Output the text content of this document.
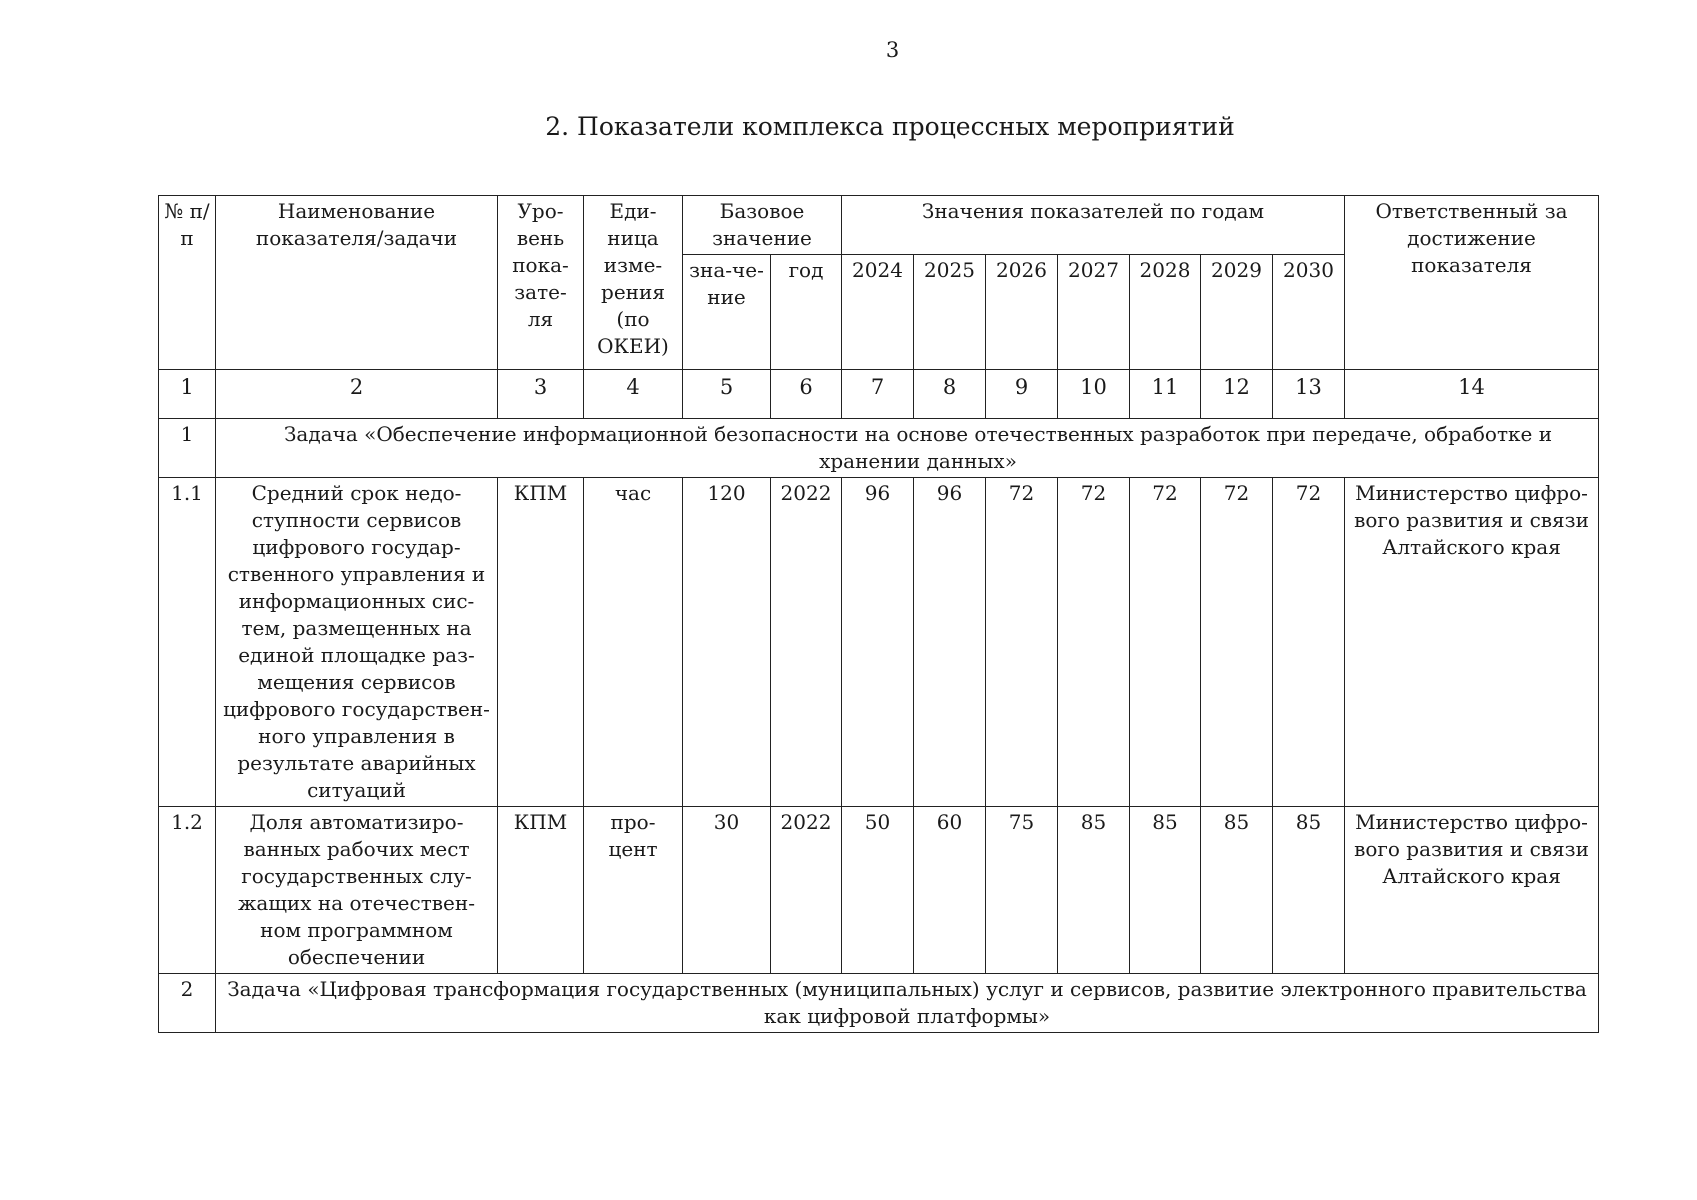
3
2. Показатели комплекса процессных мероприятий
№ п/п	Наименование показателя/задачи	Уро-вень пока-зате-ля	Еди-ница изме-рения (по ОКЕИ)	Базовое значение		Значения показателей по годам							Ответственный за достижение показателя
				зна-че-ние	год	2024	2025	2026	2027	2028	2029	2030	
1	2	3	4	5	6	7	8	9	10	11	12	13	14
1	Задача «Обеспечение информационной безопасности на основе отечественных разработок при передаче, обработке и хранении данных»												
1.1	Средний срок недо-ступности сервисов цифрового государ-ственного управления и информационных сис-тем, размещенных на единой площадке раз-мещения сервисов цифрового государствен-ного управления в результате аварийных ситуаций	КПМ	час	120	2022	96	96	72	72	72	72	72	Министерство цифро-вого развития и связи Алтайского края
1.2	Доля автоматизиро-ванных рабочих мест государственных слу-жащих на отечествен-ном программном обеспечении	КПМ	про-цент	30	2022	50	60	75	85	85	85	85	Министерство цифро-вого развития и связи Алтайского края
2	Задача «Цифровая трансформация государственных (муниципальных) услуг и сервисов, развитие электронного правительства как цифровой платформы»												
